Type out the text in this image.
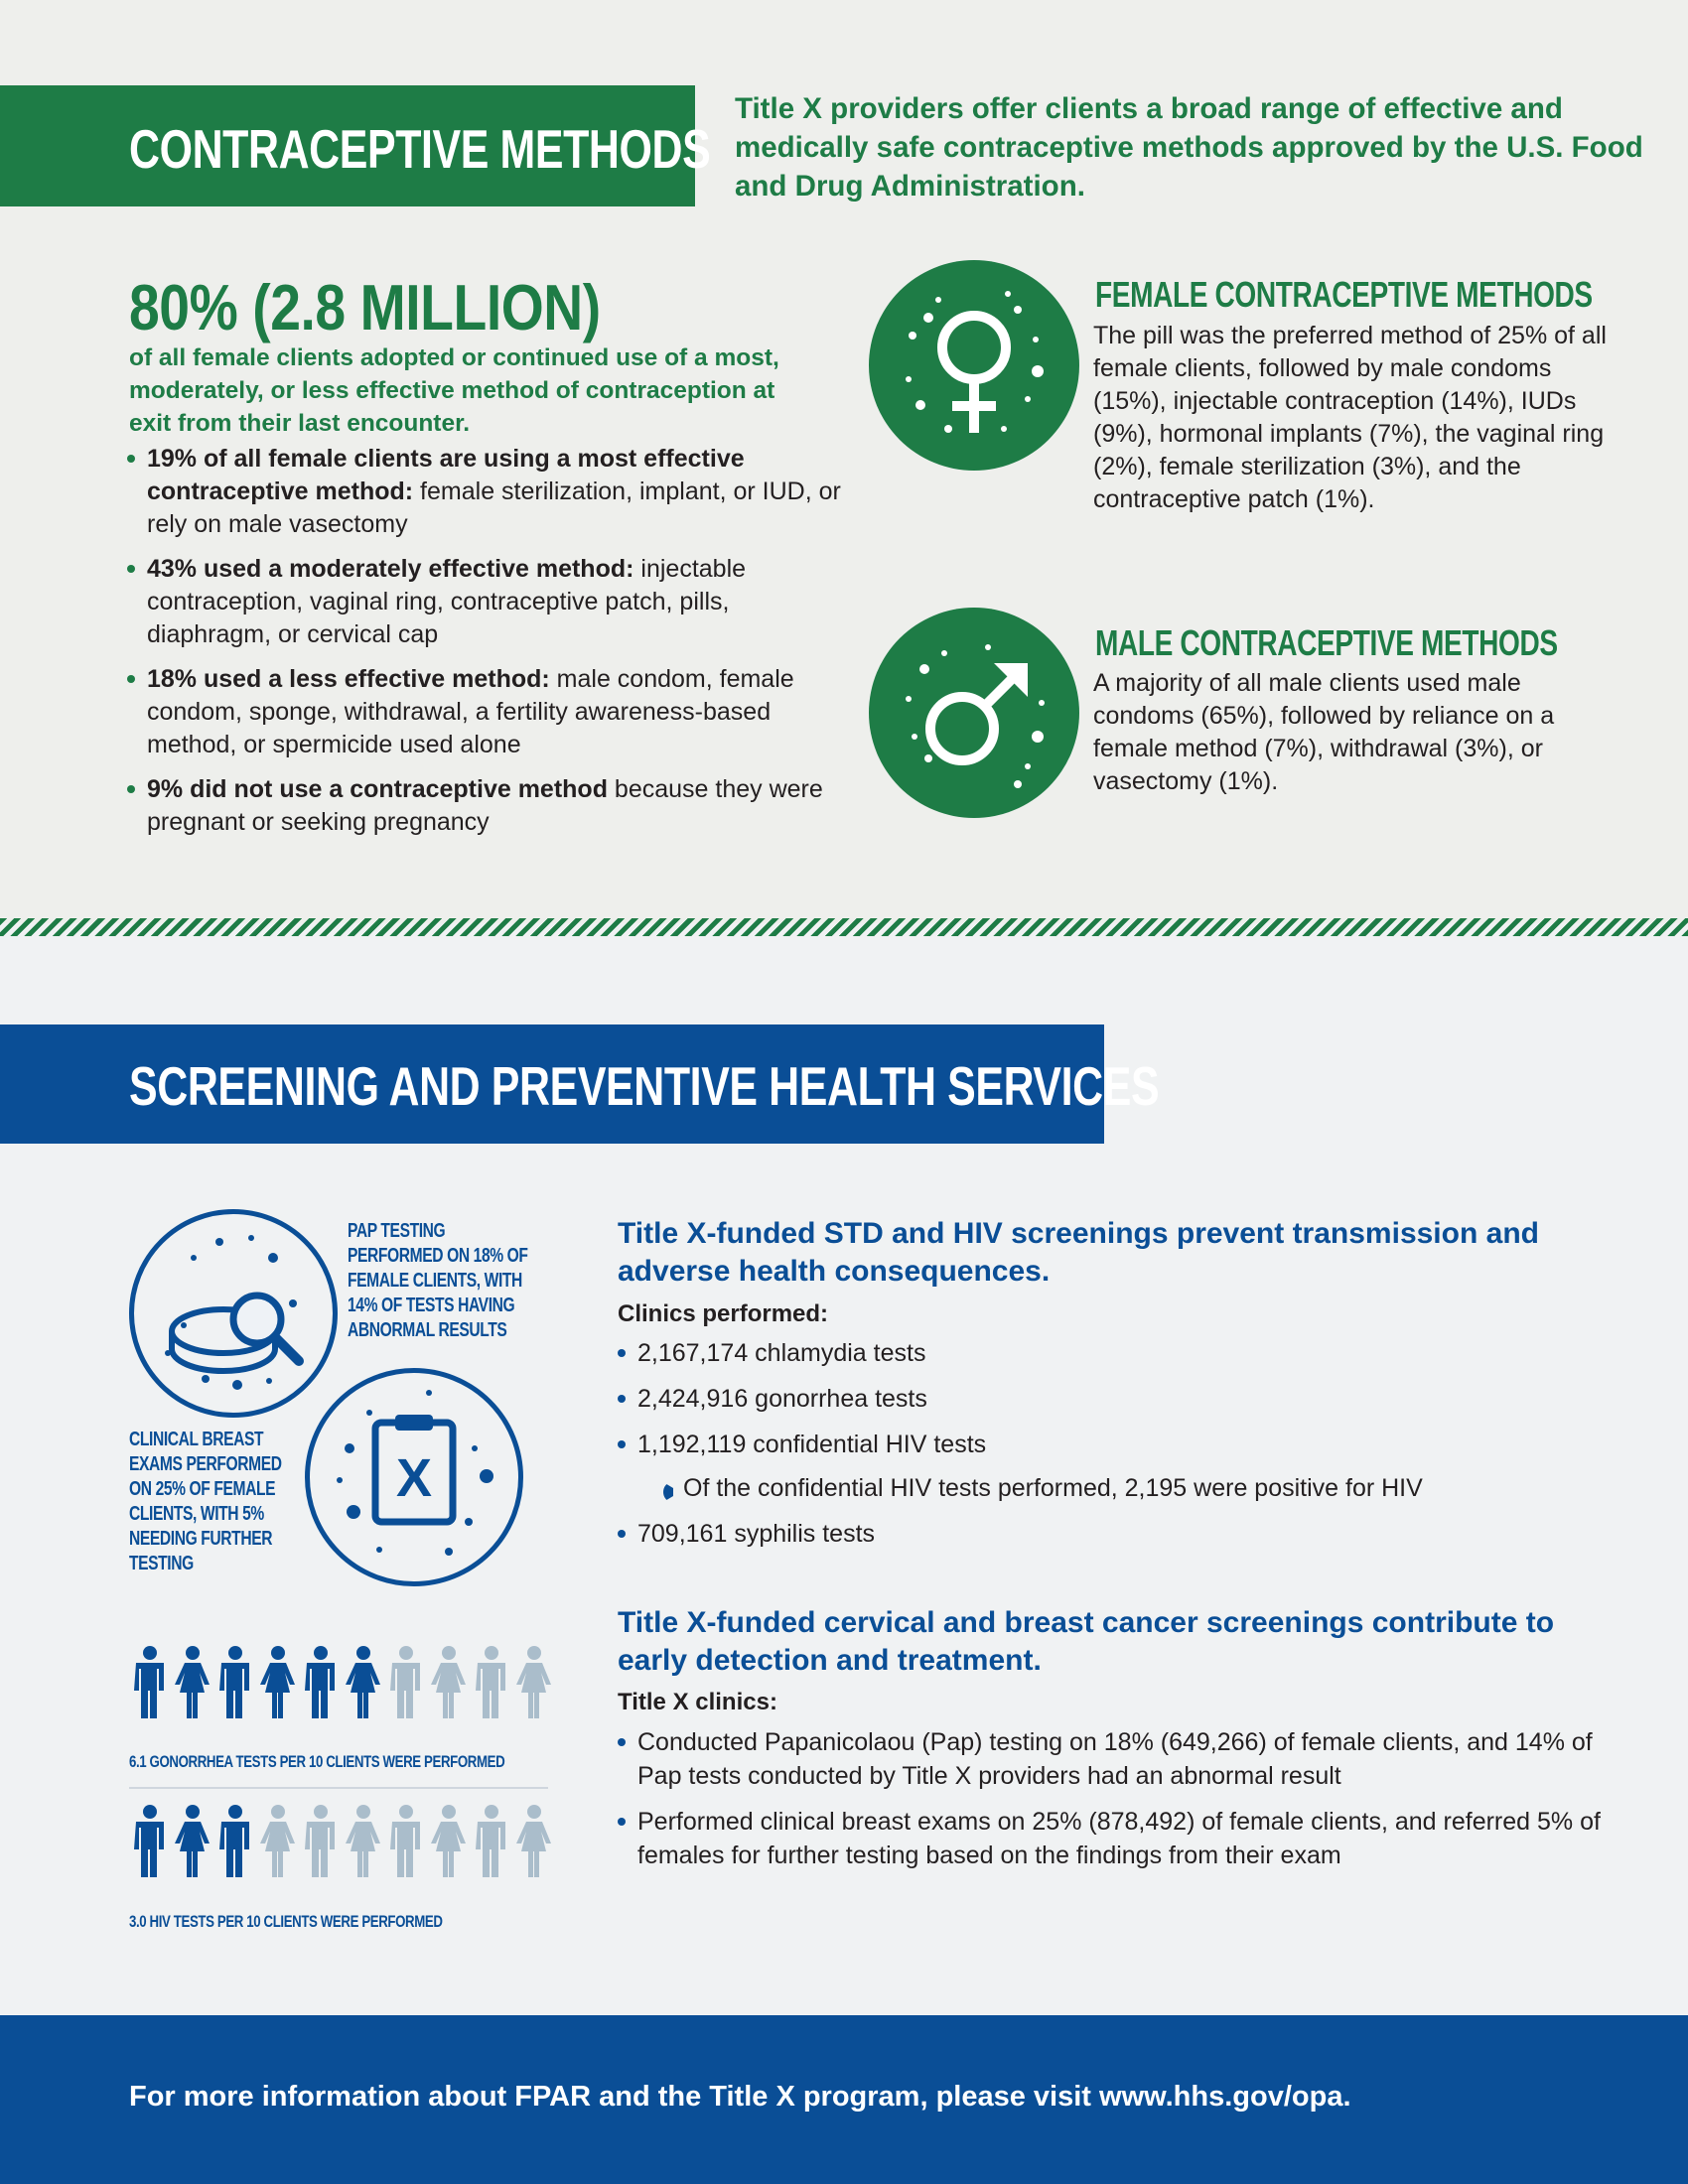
CONTRACEPTIVE METHODS
Title X providers offer clients a broad range of effective and medically safe contraceptive methods approved by the U.S. Food and Drug Administration.
80% (2.8 MILLION)
of all female clients adopted or continued use of a most, moderately, or less effective method of contraception at exit from their last encounter.
19% of all female clients are using a most effective contraceptive method: female sterilization, implant, or IUD, or rely on male vasectomy
43% used a moderately effective method: injectable contraception, vaginal ring, contraceptive patch, pills, diaphragm, or cervical cap
18% used a less effective method: male condom, female condom, sponge, withdrawal, a fertility awareness-based method, or spermicide used alone
9% did not use a contraceptive method because they were pregnant or seeking pregnancy
FEMALE CONTRACEPTIVE METHODS
The pill was the preferred method of 25% of all female clients, followed by male condoms (15%), injectable contraception (14%), IUDs (9%), hormonal implants (7%), the vaginal ring (2%), female sterilization (3%), and the contraceptive patch (1%).
MALE CONTRACEPTIVE METHODS
A majority of all male clients used male condoms (65%), followed by reliance on a female method (7%), withdrawal (3%), or vasectomy (1%).
SCREENING AND PREVENTIVE HEALTH SERVICES
PAP TESTING PERFORMED ON 18% OF FEMALE CLIENTS, WITH 14% OF TESTS HAVING ABNORMAL RESULTS
X
CLINICAL BREAST EXAMS PERFORMED ON 25% OF FEMALE CLIENTS, WITH 5% NEEDING FURTHER TESTING
6.1 GONORRHEA TESTS PER 10 CLIENTS WERE PERFORMED
3.0 HIV TESTS PER 10 CLIENTS WERE PERFORMED
Title X-funded STD and HIV screenings prevent transmission and adverse health consequences.
Clinics performed:
2,167,174 chlamydia tests
2,424,916 gonorrhea tests
1,192,119 confidential HIV tests
Of the confidential HIV tests performed, 2,195 were positive for HIV
709,161 syphilis tests
Title X-funded cervical and breast cancer screenings contribute to early detection and treatment.
Title X clinics:
Conducted Papanicolaou (Pap) testing on 18% (649,266) of female clients, and 14% of Pap tests conducted by Title X providers had an abnormal result
Performed clinical breast exams on 25% (878,492) of female clients, and referred 5% of females for further testing based on the findings from their exam
For more information about FPAR and the Title X program, please visit www.hhs.gov/opa.
